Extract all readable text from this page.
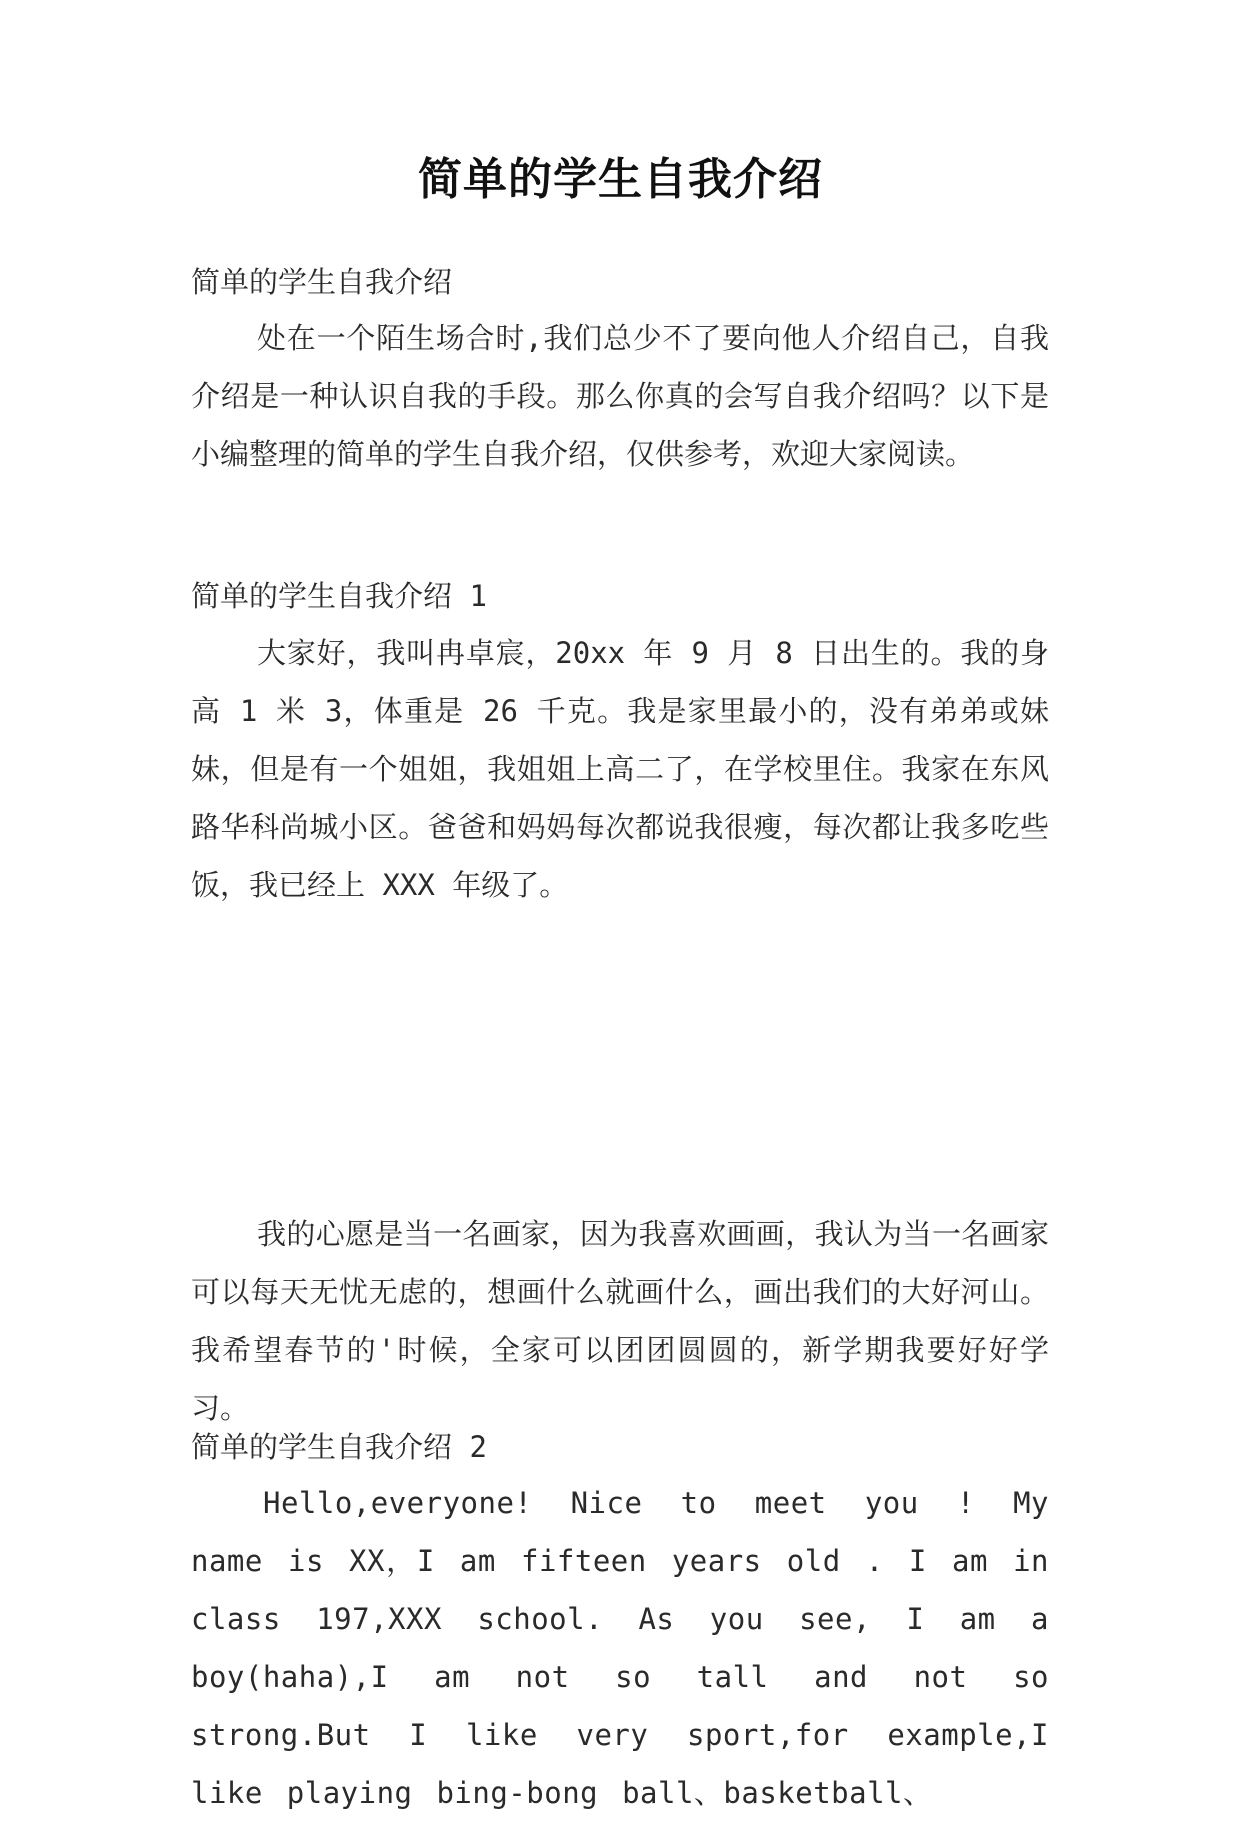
简单的学生自我介绍
简单的学生自我介绍
处在一个陌生场合时,我们总少不了要向他人介绍自己，自我介绍是一种认识自我的手段。那么你真的会写自我介绍吗？以下是小编整理的简单的学生自我介绍，仅供参考，欢迎大家阅读。
简单的学生自我介绍 1
大家好，我叫冉卓宸，20xx 年 9 月 8 日出生的。我的身高 1 米 3，体重是 26 千克。我是家里最小的，没有弟弟或妹妹，但是有一个姐姐，我姐姐上高二了，在学校里住。我家在东风路华科尚城小区。爸爸和妈妈每次都说我很瘦，每次都让我多吃些饭，我已经上 XXX 年级了。
我的心愿是当一名画家，因为我喜欢画画，我认为当一名画家可以每天无忧无虑的，想画什么就画什么，画出我们的大好河山。我希望春节的'时候，全家可以团团圆圆的，新学期我要好好学习。
简单的学生自我介绍 2
Hello,everyone! Nice to meet you ! My name is XX，I am fifteen years old . I am in class 197,XXX school. As you see, I am a boy(haha),I am not so tall and not so strong.But I like very sport,for example,I like playing bing-bong ball、basketball、
